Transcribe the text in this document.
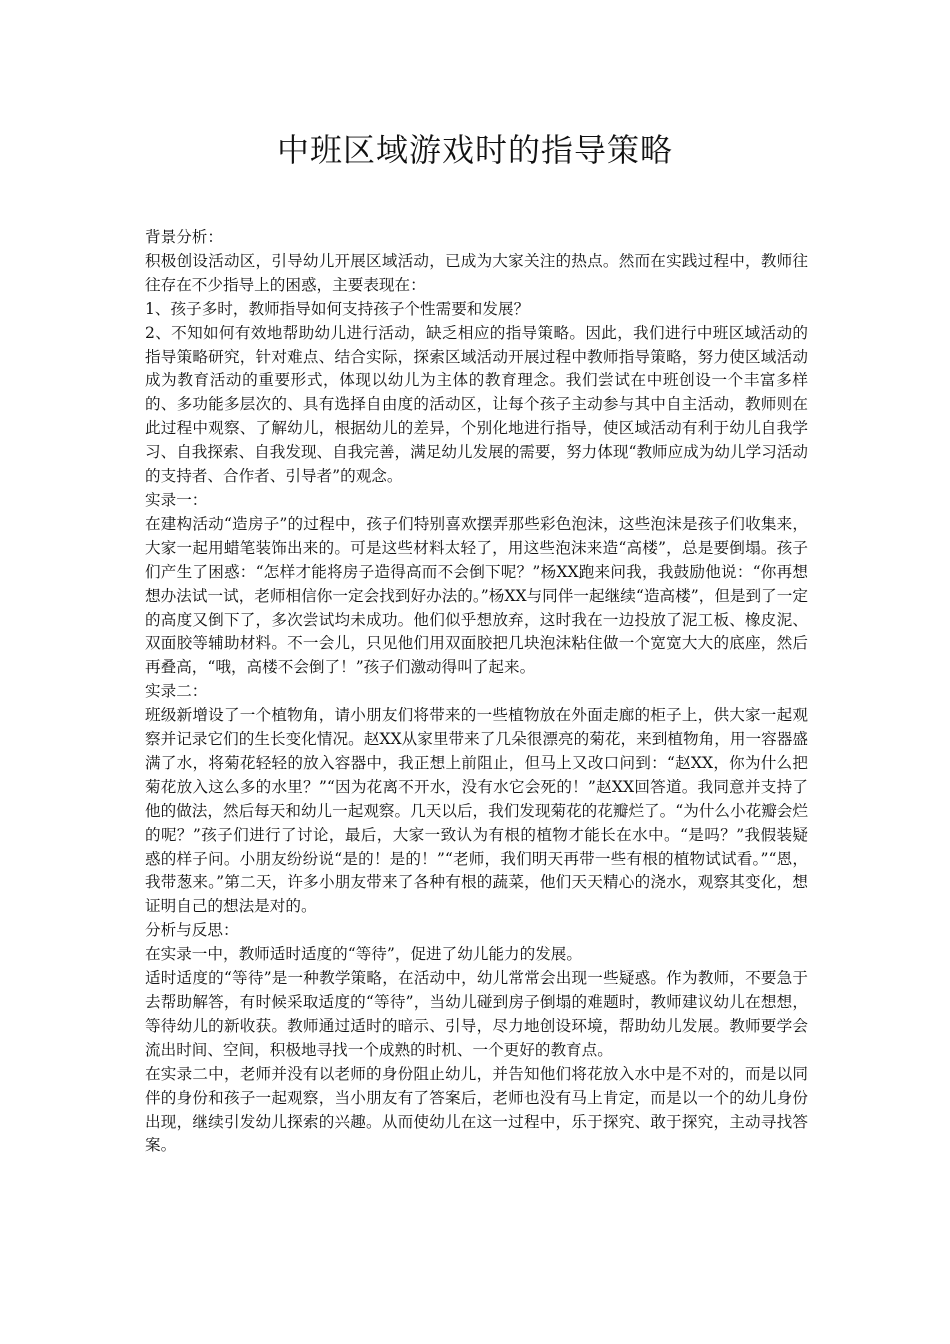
中班区域游戏时的指导策略

背景分析：

积极创设活动区，引导幼儿开展区域活动，已成为大家关注的热点。然而在实践过程中，教师往往存在不少指导上的困惑，主要表现在：

1、孩子多时，教师指导如何支持孩子个性需要和发展？

2、不知如何有效地帮助幼儿进行活动，缺乏相应的指导策略。因此，我们进行中班区域活动的指导策略研究，针对难点、结合实际，探索区域活动开展过程中教师指导策略，努力使区域活动成为教育活动的重要形式，体现以幼儿为主体的教育理念。我们尝试在中班创设一个丰富多样的、多功能多层次的、具有选择自由度的活动区，让每个孩子主动参与其中自主活动，教师则在此过程中观察、了解幼儿，根据幼儿的差异，个别化地进行指导，使区域活动有利于幼儿自我学习、自我探索、自我发现、自我完善，满足幼儿发展的需要，努力体现“教师应成为幼儿学习活动的支持者、合作者、引导者”的观念。

实录一：

在建构活动“造房子”的过程中，孩子们特别喜欢摆弄那些彩色泡沫，这些泡沫是孩子们收集来，大家一起用蜡笔装饰出来的。可是这些材料太轻了，用这些泡沫来造“高楼”，总是要倒塌。孩子们产生了困惑：“怎样才能将房子造得高而不会倒下呢？”杨XX跑来问我，我鼓励他说：“你再想想办法试一试，老师相信你一定会找到好办法的。”杨XX与同伴一起继续“造高楼”，但是到了一定的高度又倒下了，多次尝试均未成功。他们似乎想放弃，这时我在一边投放了泥工板、橡皮泥、双面胶等辅助材料。不一会儿，只见他们用双面胶把几块泡沫粘住做一个宽宽大大的底座，然后再叠高，“哦，高楼不会倒了！”孩子们激动得叫了起来。

实录二：

班级新增设了一个植物角，请小朋友们将带来的一些植物放在外面走廊的柜子上，供大家一起观察并记录它们的生长变化情况。赵XX从家里带来了几朵很漂亮的菊花，来到植物角，用一容器盛满了水，将菊花轻轻的放入容器中，我正想上前阻止，但马上又改口问到：“赵XX，你为什么把菊花放入这么多的水里？”“因为花离不开水，没有水它会死的！”赵XX回答道。我同意并支持了他的做法，然后每天和幼儿一起观察。几天以后，我们发现菊花的花瓣烂了。“为什么小花瓣会烂的呢？”孩子们进行了讨论，最后，大家一致认为有根的植物才能长在水中。“是吗？”我假装疑惑的样子问。小朋友纷纷说“是的！是的！”“老师，我们明天再带一些有根的植物试试看。”“恩，我带葱来。”第二天，许多小朋友带来了各种有根的蔬菜，他们天天精心的浇水，观察其变化，想证明自己的想法是对的。

分析与反思：

在实录一中，教师适时适度的“等待”，促进了幼儿能力的发展。

适时适度的“等待”是一种教学策略，在活动中，幼儿常常会出现一些疑惑。作为教师，不要急于去帮助解答，有时候采取适度的“等待”，当幼儿碰到房子倒塌的难题时，教师建议幼儿在想想，等待幼儿的新收获。教师通过适时的暗示、引导，尽力地创设环境，帮助幼儿发展。教师要学会流出时间、空间，积极地寻找一个成熟的时机、一个更好的教育点。

在实录二中，老师并没有以老师的身份阻止幼儿，并告知他们将花放入水中是不对的，而是以同伴的身份和孩子一起观察，当小朋友有了答案后，老师也没有马上肯定，而是以一个的幼儿身份出现，继续引发幼儿探索的兴趣。从而使幼儿在这一过程中，乐于探究、敢于探究，主动寻找答案。
